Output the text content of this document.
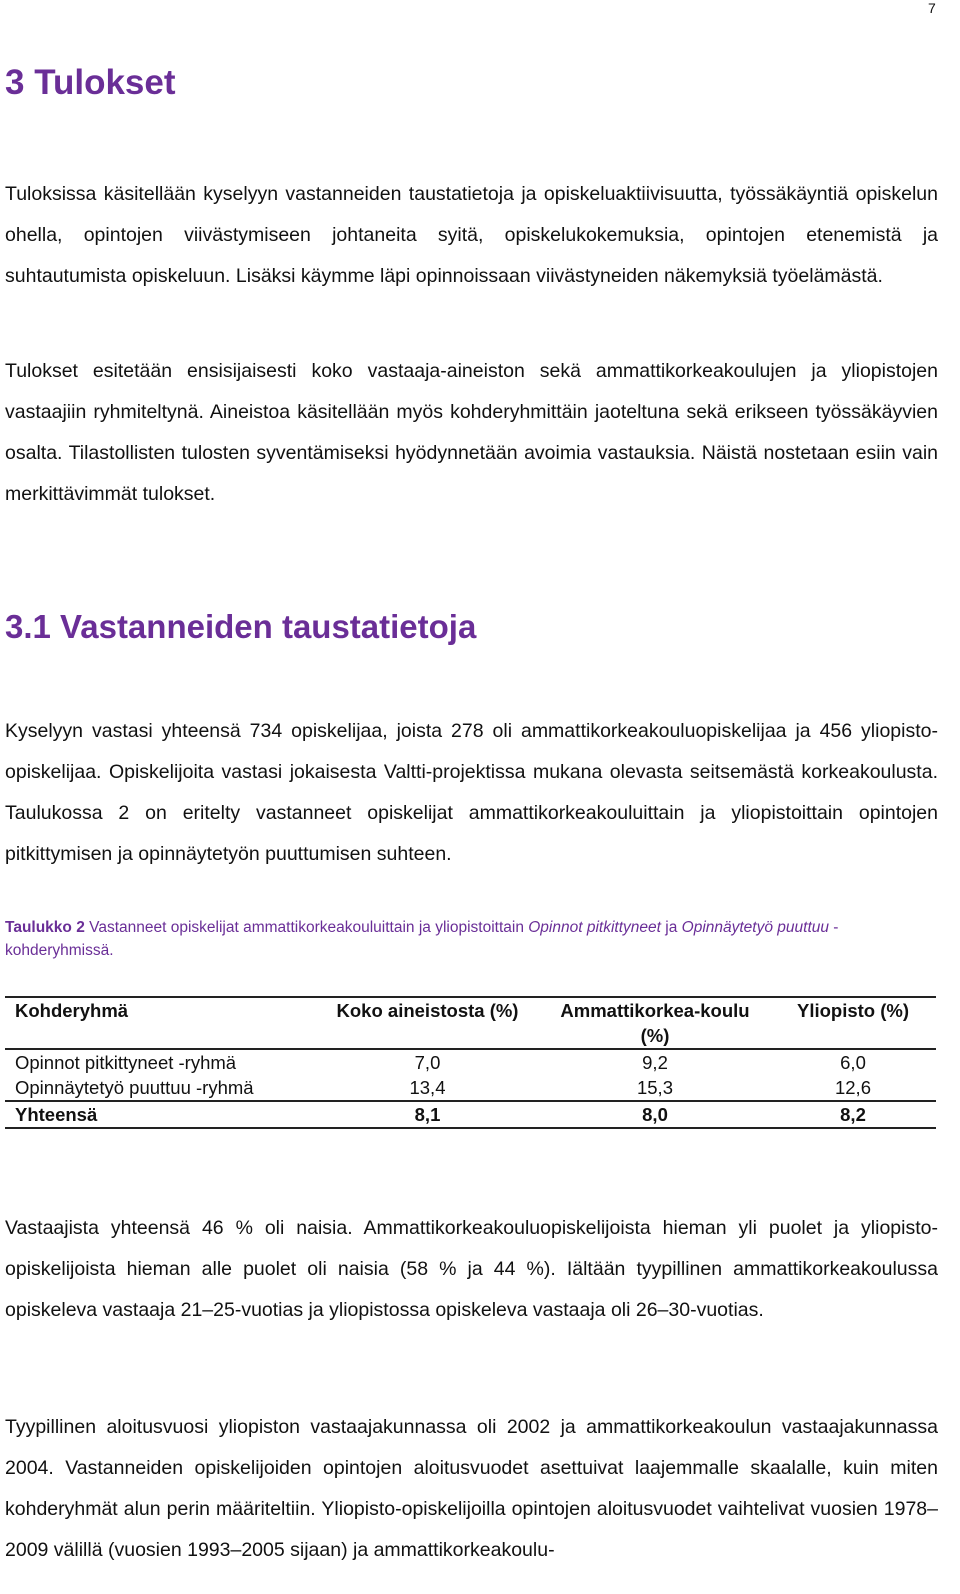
7
3 Tulokset

Tuloksissa käsitellään kyselyyn vastanneiden taustatietoja ja opiskeluaktiivisuutta, työssäkäyntiä opiskelun ohella, opintojen viivästymiseen johtaneita syitä, opiskelukokemuksia, opintojen etenemistä ja suhtautumista opiskeluun. Lisäksi käymme läpi opinnoissaan viivästyneiden näkemyksiä työelämästä.

Tulokset esitetään ensisijaisesti koko vastaaja-aineiston sekä ammattikorkeakoulujen ja yliopistojen vastaajiin ryhmiteltynä. Aineistoa käsitellään myös kohderyhmittäin jaoteltuna sekä erikseen työssäkäyvien osalta. Tilastollisten tulosten syventämiseksi hyödynnetään avoimia vastauksia. Näistä nostetaan esiin vain merkittävimmät tulokset.

3.1 Vastanneiden taustatietoja

Kyselyyn vastasi yhteensä 734 opiskelijaa, joista 278 oli ammattikorkeakouluopiskelijaa ja 456 yliopisto-opiskelijaa. Opiskelijoita vastasi jokaisesta Valtti-projektissa mukana olevasta seitsemästä korkeakoulusta. Taulukossa 2 on eritelty vastanneet opiskelijat ammattikorkeakouluittain ja yliopistoittain opintojen pitkittymisen ja opinnäytetyön puuttumisen suhteen.

Taulukko 2 Vastanneet opiskelijat ammattikorkeakouluittain ja yliopistoittain Opinnot pitkittyneet ja Opinnäytetyö puuttuu -kohderyhmissä.

Kohderyhmä	Koko aineistosta (%)	Ammattikorkea-koulu (%)	Yliopisto (%)
Opinnot pitkittyneet -ryhmä	7,0	9,2	6,0
Opinnäytetyö puuttuu -ryhmä	13,4	15,3	12,6
Yhteensä	8,1	8,0	8,2

Vastaajista yhteensä 46 % oli naisia. Ammattikorkeakouluopiskelijoista hieman yli puolet ja yliopisto-opiskelijoista hieman alle puolet oli naisia (58 % ja 44 %). Iältään tyypillinen ammattikorkeakoulussa opiskeleva vastaaja 21–25-vuotias ja yliopistossa opiskeleva vastaaja oli 26–30-vuotias.

Tyypillinen aloitusvuosi yliopiston vastaajakunnassa oli 2002 ja ammattikorkeakoulun vastaajakunnassa 2004. Vastanneiden opiskelijoiden opintojen aloitusvuodet asettuivat laajemmalle skaalalle, kuin miten kohderyhmät alun perin määriteltiin. Yliopisto-opiskelijoilla opintojen aloitusvuodet vaihtelivat vuosien 1978–2009 välillä (vuosien 1993–2005 sijaan) ja ammattikorkeakoulu-
